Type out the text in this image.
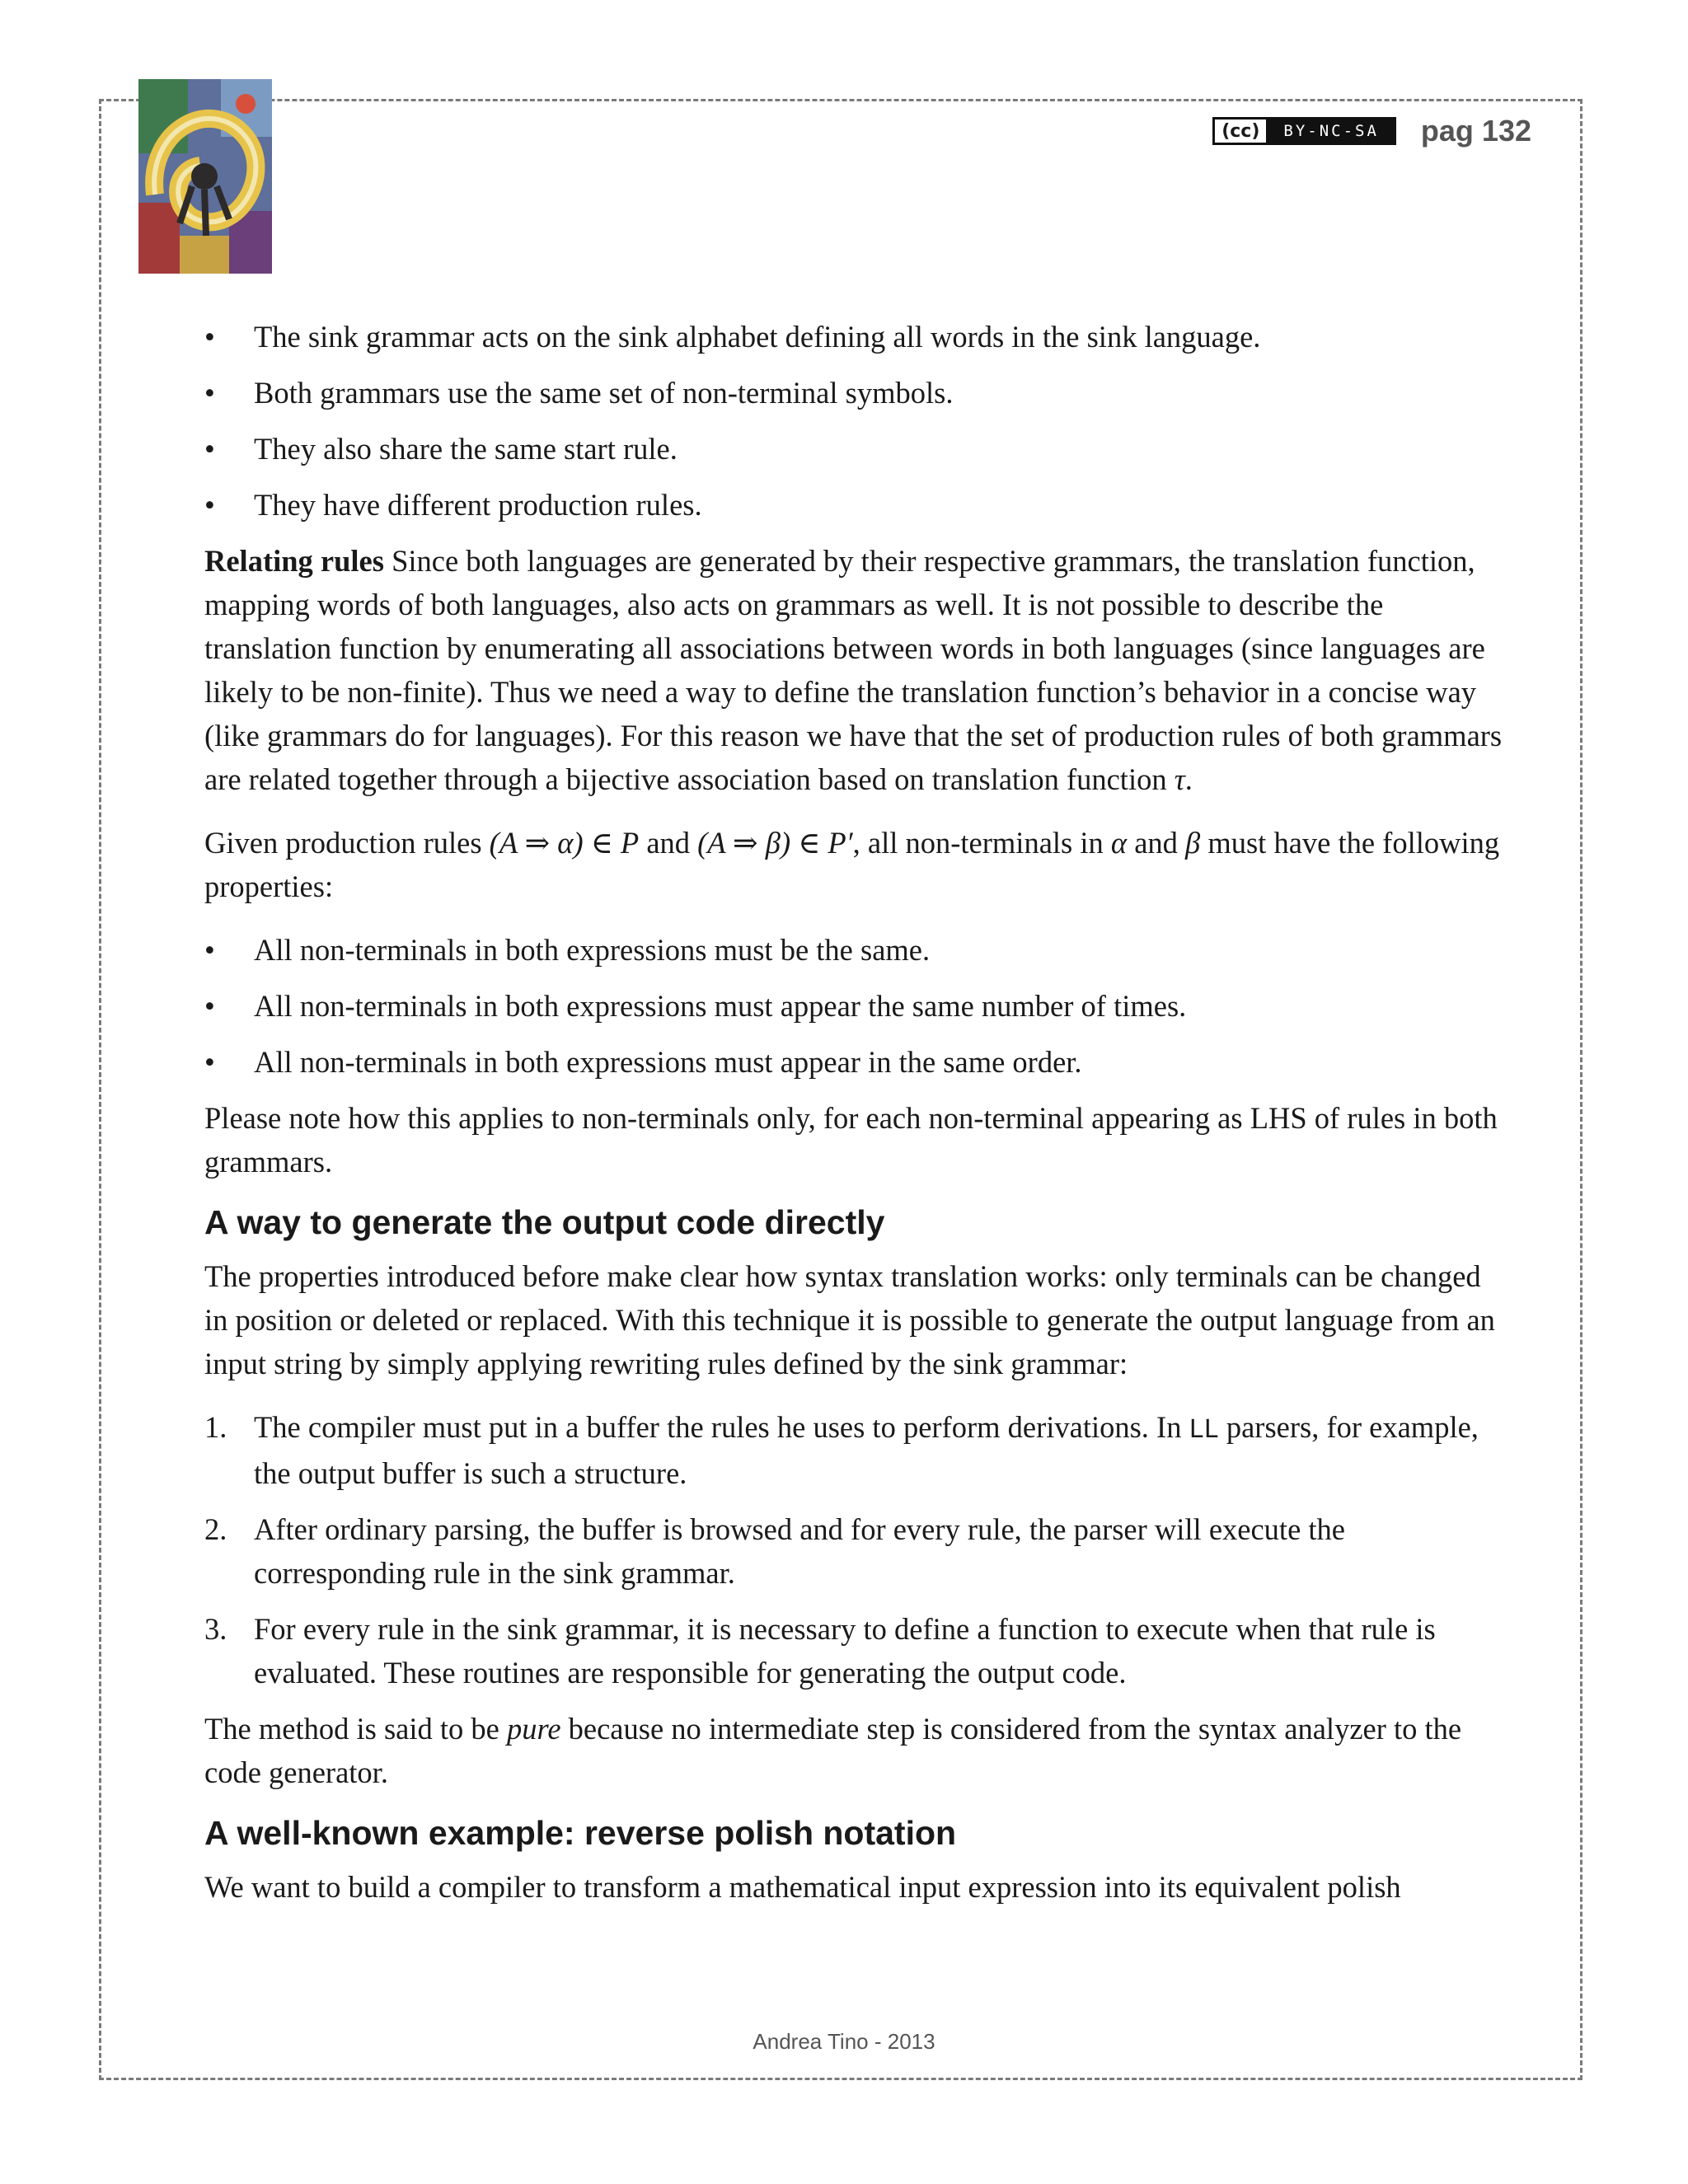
(cc)	BY-NC-SA	pag 132
• The sink grammar acts on the sink alphabet defining all words in the sink language.
• Both grammars use the same set of non-terminal symbols.
• They also share the same start rule.
• They have different production rules.

Relating rules Since both languages are generated by their respective grammars, the translation function, mapping words of both languages, also acts on grammars as well. It is not possible to describe the translation function by enumerating all associations between words in both languages (since languages are likely to be non-finite). Thus we need a way to define the translation function’s behavior in a concise way (like grammars do for languages). For this reason we have that the set of production rules of both grammars are related together through a bijective association based on translation function τ.

Given production rules (A ⇒ α) ∈ P and (A ⇒ β) ∈ P′, all non-terminals in α and β must have the following properties:

• All non-terminals in both expressions must be the same.
• All non-terminals in both expressions must appear the same number of times.
• All non-terminals in both expressions must appear in the same order.

Please note how this applies to non-terminals only, for each non-terminal appearing as LHS of rules in both grammars.

A way to generate the output code directly

The properties introduced before make clear how syntax translation works: only terminals can be changed in position or deleted or replaced. With this technique it is possible to generate the output language from an input string by simply applying rewriting rules defined by the sink grammar:

1. The compiler must put in a buffer the rules he uses to perform derivations. In LL parsers, for example, the output buffer is such a structure.
2. After ordinary parsing, the buffer is browsed and for every rule, the parser will execute the corresponding rule in the sink grammar.
3. For every rule in the sink grammar, it is necessary to define a function to execute when that rule is evaluated. These routines are responsible for generating the output code.

The method is said to be pure because no intermediate step is considered from the syntax analyzer to the code generator.

A well-known example: reverse polish notation

We want to build a compiler to transform a mathematical input expression into its equivalent polish

Andrea Tino - 2013
